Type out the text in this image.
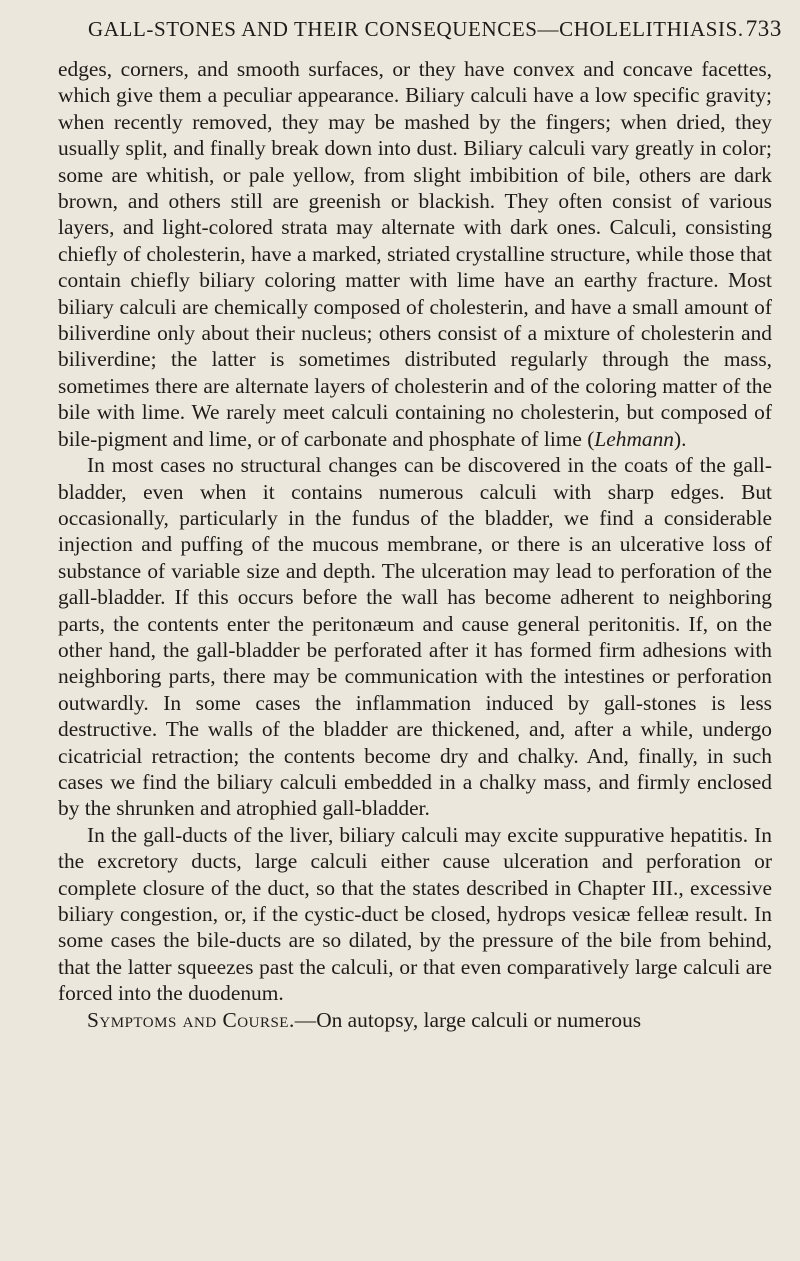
GALL-STONES AND THEIR CONSEQUENCES—CHOLELITHIASIS. 733

edges, corners, and smooth surfaces, or they have convex and concave facettes, which give them a peculiar appearance. Biliary calculi have a low specific gravity; when recently removed, they may be mashed by the fingers; when dried, they usually split, and finally break down into dust. Biliary calculi vary greatly in color; some are whitish, or pale yellow, from slight imbibition of bile, others are dark brown, and others still are greenish or blackish. They often consist of various layers, and light-colored strata may alternate with dark ones. Calculi, consisting chiefly of cholesterin, have a marked, striated crystalline structure, while those that contain chiefly biliary coloring matter with lime have an earthy fracture. Most biliary calculi are chemically composed of cholesterin, and have a small amount of biliverdine only about their nucleus; others consist of a mixture of cholesterin and biliverdine; the latter is sometimes distributed regularly through the mass, sometimes there are alternate layers of cholesterin and of the coloring matter of the bile with lime. We rarely meet calculi containing no cholesterin, but composed of bile-pigment and lime, or of carbonate and phosphate of lime (Lehmann).

In most cases no structural changes can be discovered in the coats of the gall-bladder, even when it contains numerous calculi with sharp edges. But occasionally, particularly in the fundus of the bladder, we find a considerable injection and puffing of the mucous membrane, or there is an ulcerative loss of substance of variable size and depth. The ulceration may lead to perforation of the gall-bladder. If this occurs before the wall has become adherent to neighboring parts, the contents enter the peritonæum and cause general peritonitis. If, on the other hand, the gall-bladder be perforated after it has formed firm adhesions with neighboring parts, there may be communication with the intestines or perforation outwardly. In some cases the inflammation induced by gall-stones is less destructive. The walls of the bladder are thickened, and, after a while, undergo cicatricial retraction; the contents become dry and chalky. And, finally, in such cases we find the biliary calculi embedded in a chalky mass, and firmly enclosed by the shrunken and atrophied gall-bladder.

In the gall-ducts of the liver, biliary calculi may excite suppurative hepatitis. In the excretory ducts, large calculi either cause ulceration and perforation or complete closure of the duct, so that the states described in Chapter III., excessive biliary congestion, or, if the cystic-duct be closed, hydrops vesicæ felleæ result. In some cases the bile-ducts are so dilated, by the pressure of the bile from behind, that the latter squeezes past the calculi, or that even comparatively large calculi are forced into the duodenum.

Symptoms and Course.—On autopsy, large calculi or numerous
